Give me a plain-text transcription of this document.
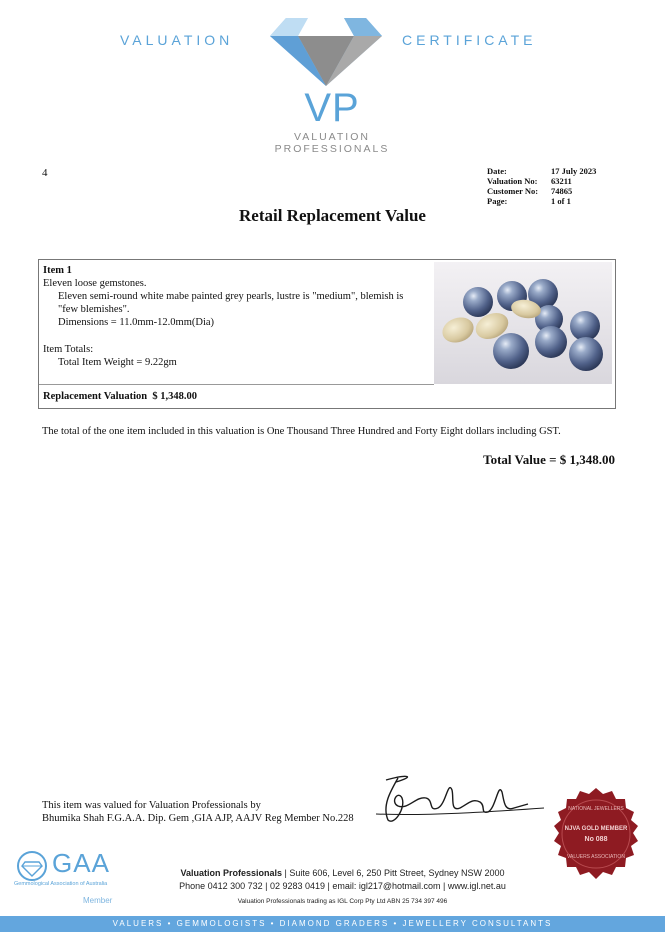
VALUATION	CERTIFICATE
VP
VALUATION
PROFESSIONALS
4	Date:	17 July 2023
Valuation No:	63211
Customer No:	74865
Page:	1 of 1
Retail Replacement Value
Item 1
Eleven loose gemstones.
Eleven semi-round white mabe painted grey pearls, lustre is "medium", blemish is
"few blemishes".
Dimensions = 11.0mm-12.0mm(Dia)
Item Totals:
Total Item Weight = 9.22gm
Replacement Valuation $ 1,348.00
The total of the one item included in this valuation is One Thousand Three Hundred and Forty Eight dollars including GST.
Total Value = $ 1,348.00
This item was valued for Valuation Professionals by
Bhumika Shah F.G.A.A. Dip. Gem ,GIA AJP, AAJV Reg Member No.228
NATIONAL JEWELLERS
NJVA GOLD MEMBER
No 088
VALUERS ASSOCIATION
GAA
Gemmological Association of Australia
Member
Valuation Professionals | Suite 606, Level 6, 250 Pitt Street, Sydney NSW 2000
Phone 0412 300 732 | 02 9283 0419 | email: igl217@hotmail.com | www.igl.net.au
Valuation Professionals trading as IGL Corp Pty Ltd ABN 25 734 397 496
VALUERS • GEMMOLOGISTS • DIAMOND GRADERS • JEWELLERY CONSULTANTS
